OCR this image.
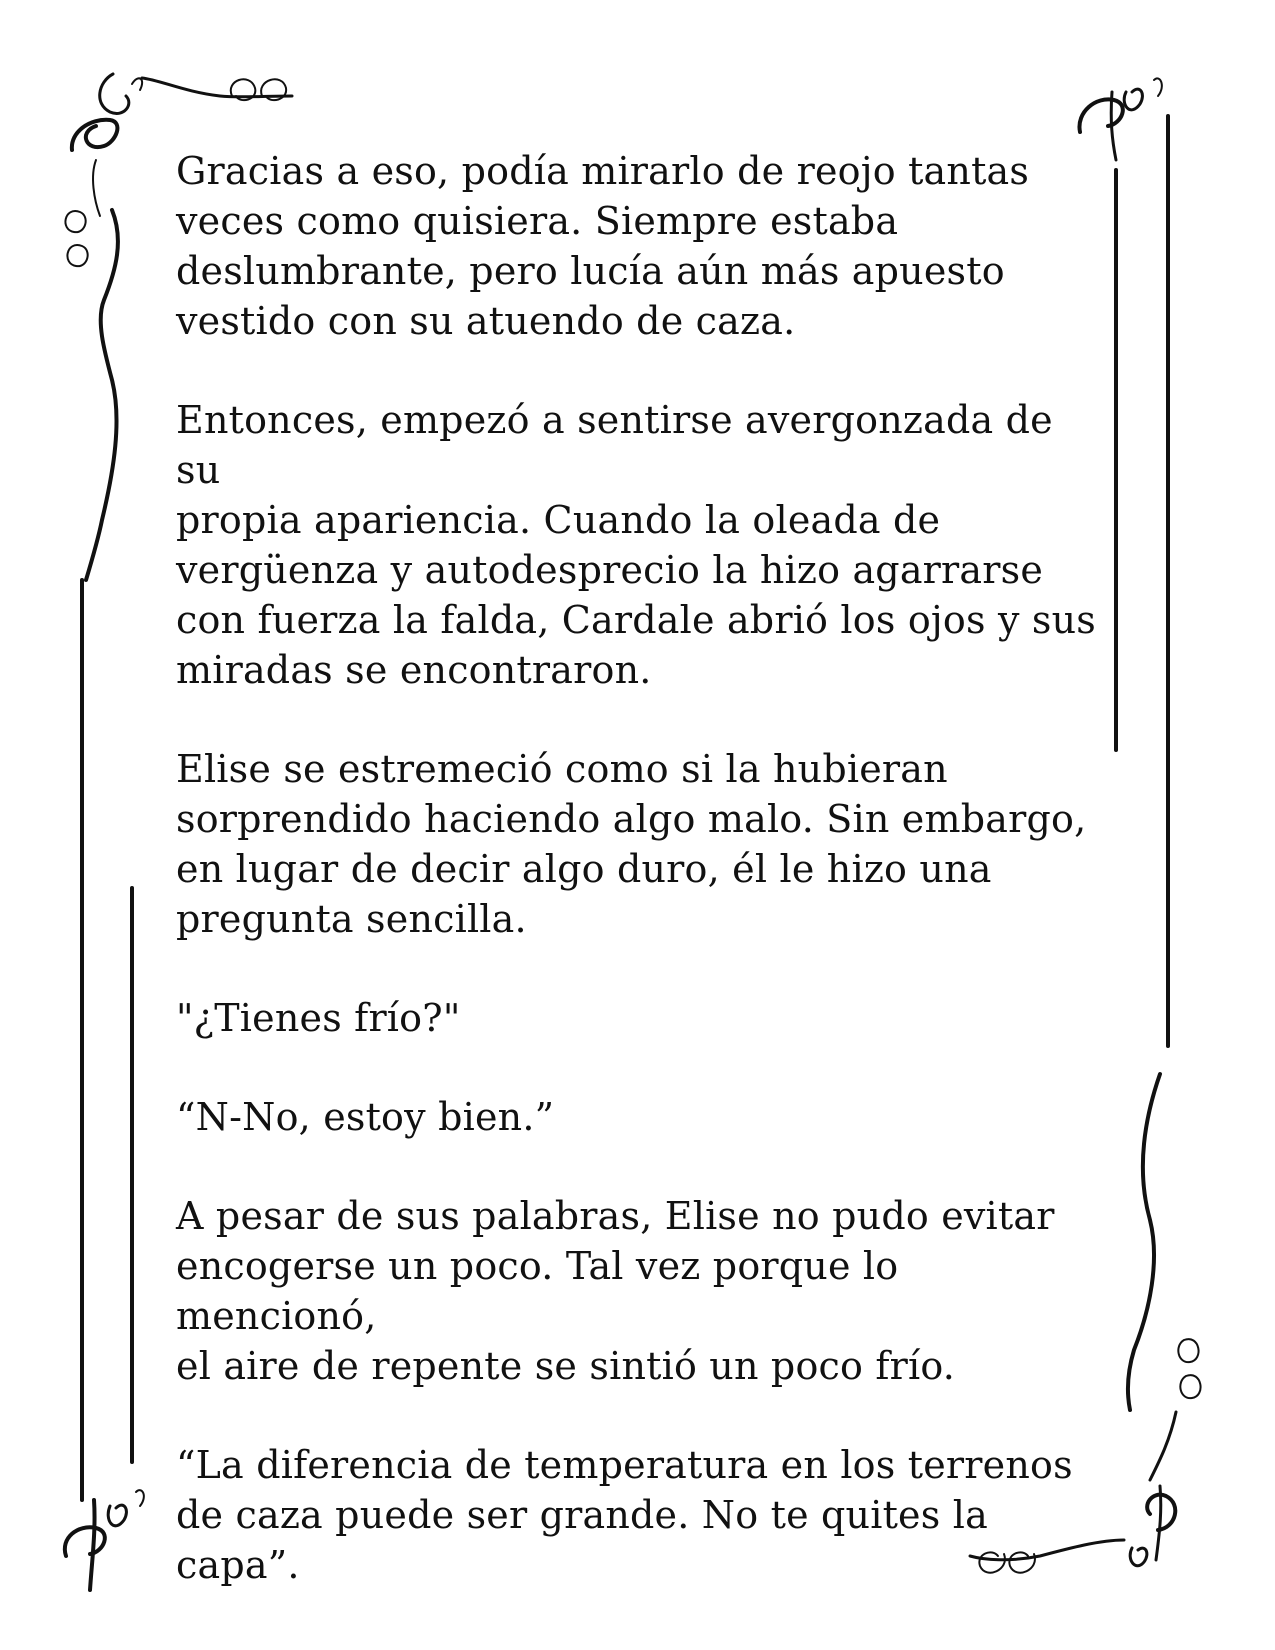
Gracias a eso, podía mirarlo de reojo tantas
veces como quisiera. Siempre estaba
deslumbrante, pero lucía aún más apuesto
vestido con su atuendo de caza.

Entonces, empezó a sentirse avergonzada de su
propia apariencia. Cuando la oleada de
vergüenza y autodesprecio la hizo agarrarse
con fuerza la falda, Cardale abrió los ojos y sus
miradas se encontraron.

Elise se estremeció como si la hubieran
sorprendido haciendo algo malo. Sin embargo,
en lugar de decir algo duro, él le hizo una
pregunta sencilla.

"¿Tienes frío?"

“N-No, estoy bien.”

A pesar de sus palabras, Elise no pudo evitar
encogerse un poco. Tal vez porque lo mencionó,
el aire de repente se sintió un poco frío.

“La diferencia de temperatura en los terrenos
de caza puede ser grande. No te quites la capa”.
